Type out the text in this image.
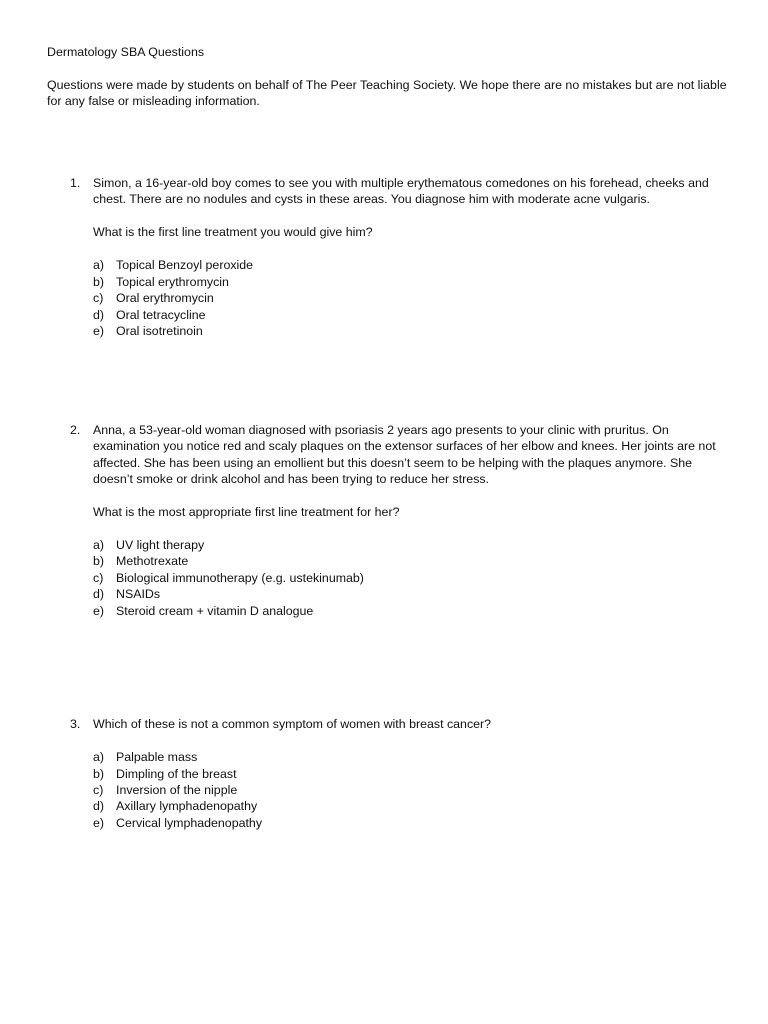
Dermatology SBA Questions
Questions were made by students on behalf of The Peer Teaching Society. We hope there are no mistakes but are not liable for any false or misleading information.
1. Simon, a 16-year-old boy comes to see you with multiple erythematous comedones on his forehead, cheeks and chest. There are no nodules and cysts in these areas. You diagnose him with moderate acne vulgaris.
What is the first line treatment you would give him?
a) Topical Benzoyl peroxide
b) Topical erythromycin
c) Oral erythromycin
d) Oral tetracycline
e) Oral isotretinoin
2. Anna, a 53-year-old woman diagnosed with psoriasis 2 years ago presents to your clinic with pruritus. On examination you notice red and scaly plaques on the extensor surfaces of her elbow and knees. Her joints are not affected. She has been using an emollient but this doesn’t seem to be helping with the plaques anymore. She doesn’t smoke or drink alcohol and has been trying to reduce her stress.
What is the most appropriate first line treatment for her?
a) UV light therapy
b) Methotrexate
c) Biological immunotherapy (e.g. ustekinumab)
d) NSAIDs
e) Steroid cream + vitamin D analogue
3. Which of these is not a common symptom of women with breast cancer?
a) Palpable mass
b) Dimpling of the breast
c) Inversion of the nipple
d) Axillary lymphadenopathy
e) Cervical lymphadenopathy
